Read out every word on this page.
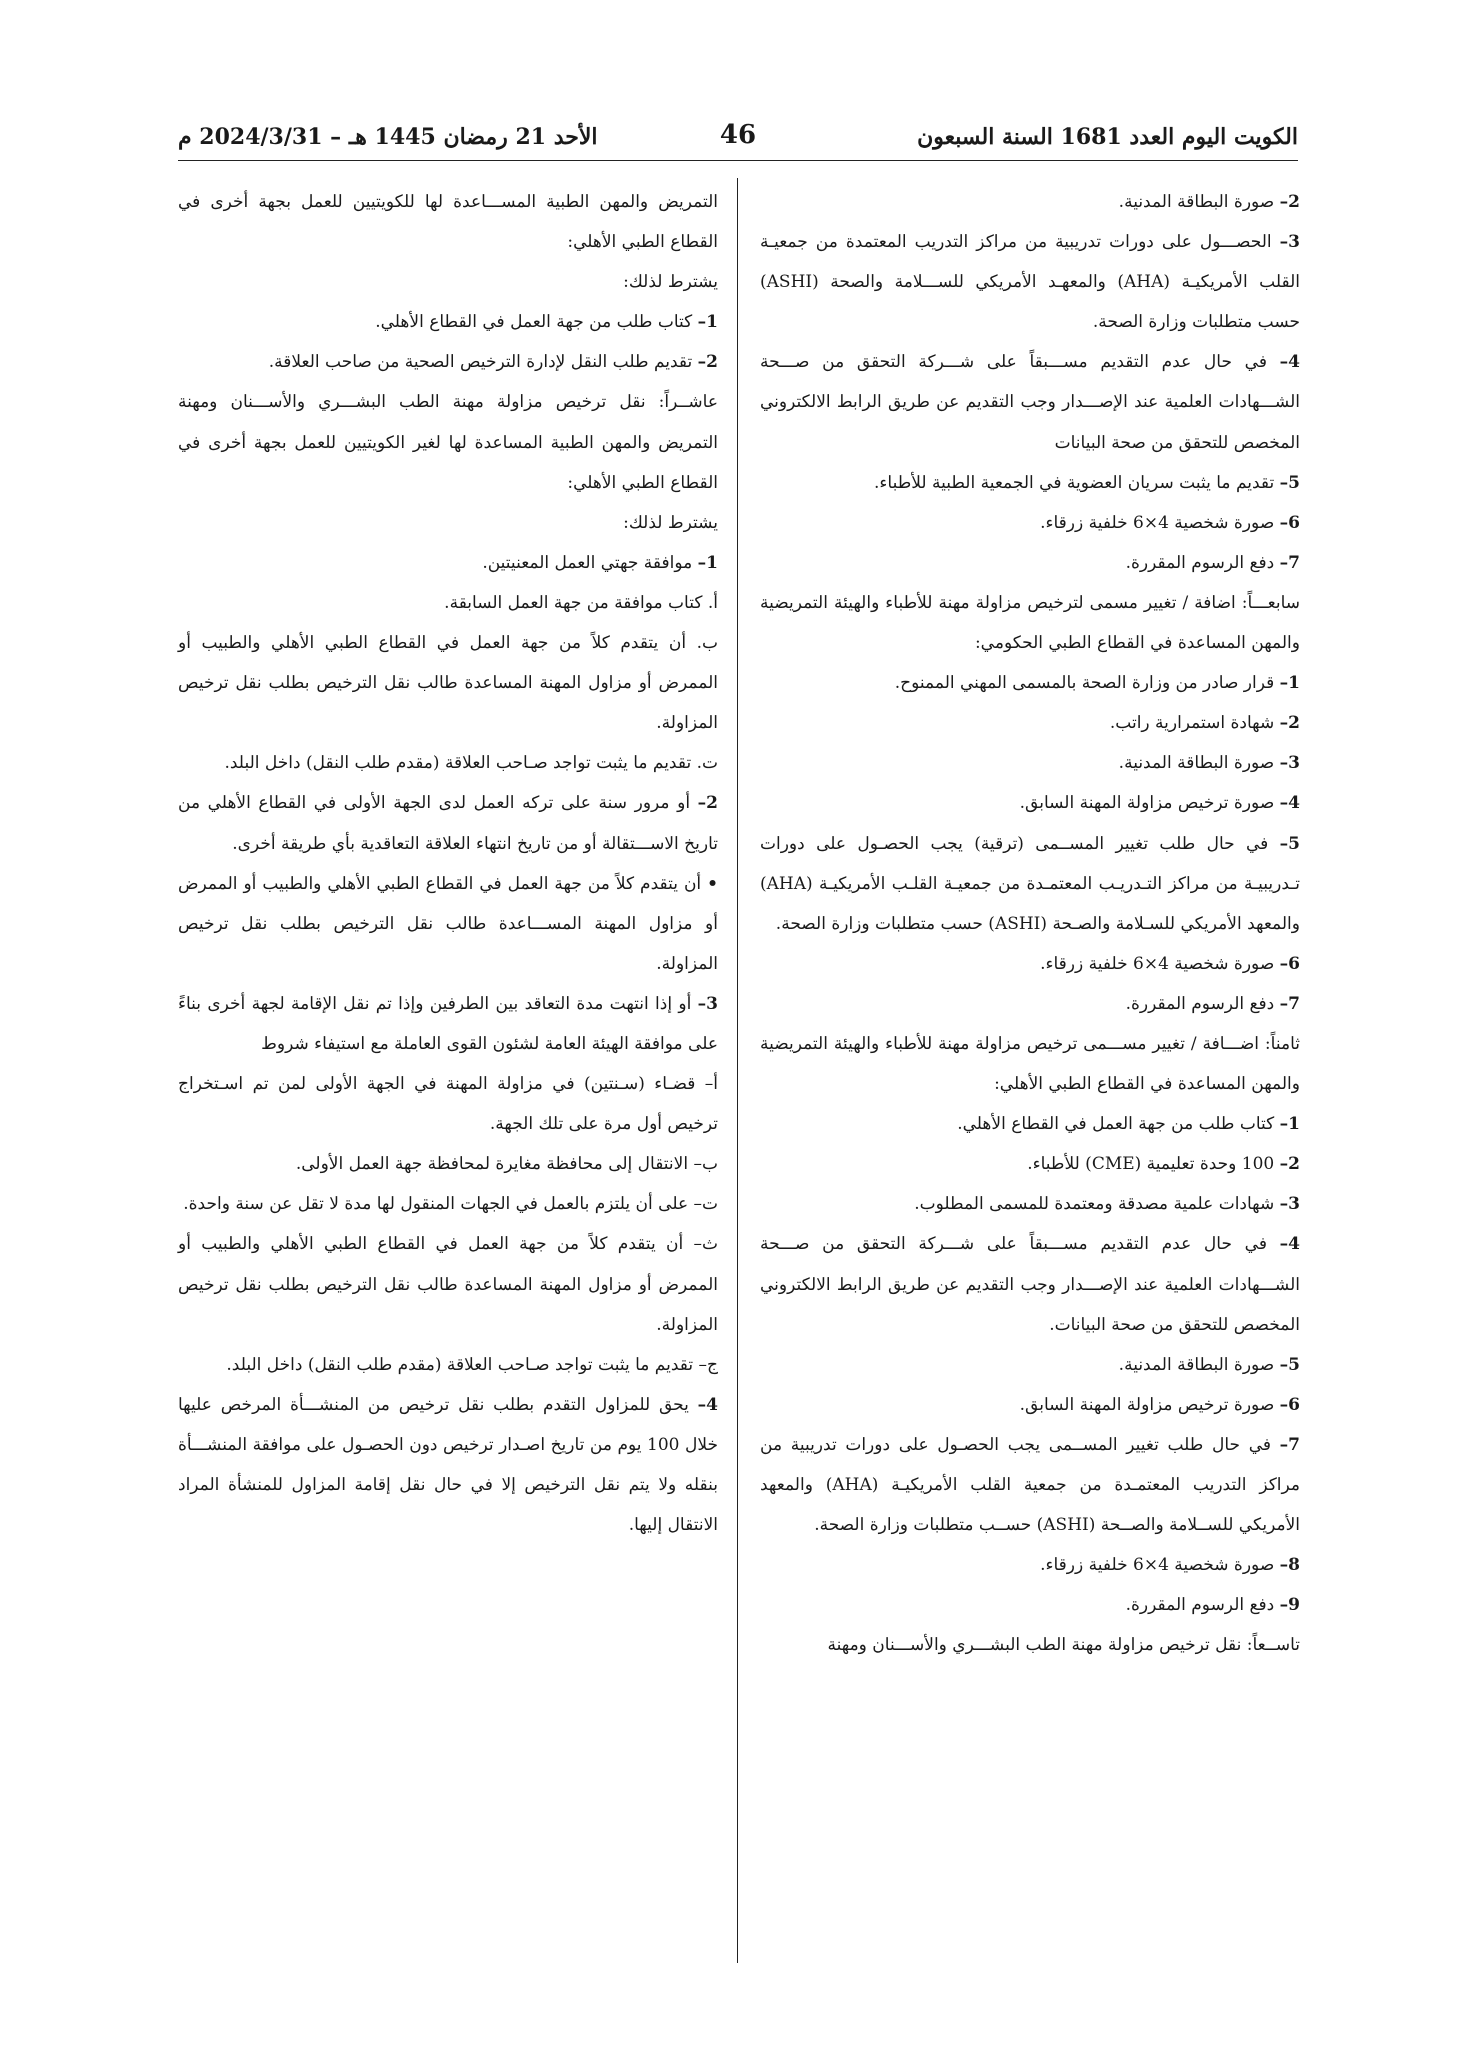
الكويت اليوم العدد 1681 السنة السبعون
46
الأحد 21 رمضان 1445 هـ – 2024/3/31 م

2– صورة البطاقة المدنية.

3– الحصـــول على دورات تدريبية من مراكز التدريب المعتمدة من جمعيـة القلب الأمريكيـة (AHA) والمعهـد الأمريكي للســـلامة والصحة (ASHI) حسب متطلبات وزارة الصحة.

4– في حال عدم التقديم مســـبقاً على شـــركة التحقق من صـــحة الشـــهادات العلمية عند الإصـــدار وجب التقديم عن طريق الرابط الالكتروني المخصص للتحقق من صحة البيانات

5– تقديم ما يثبت سريان العضوية في الجمعية الطبية للأطباء.

6– صورة شخصية 4×6 خلفية زرقاء.

7– دفع الرسوم المقررة.

سابعـــاً: اضافة / تغيير مسمى لترخيص مزاولة مهنة للأطباء والهيئة التمريضية والمهن المساعدة في القطاع الطبي الحكومي:

1– قرار صادر من وزارة الصحة بالمسمى المهني الممنوح.

2– شهادة استمرارية راتب.

3– صورة البطاقة المدنية.

4– صورة ترخيص مزاولة المهنة السابق.

5– في حال طلب تغيير المســمى (ترقية) يجب الحصـول على دورات تـدريبيـة من مراكز التـدريـب المعتمـدة من جمعيـة القلـب الأمريكيـة (AHA) والمعهد الأمريكي للسـلامة والصـحة (ASHI) حسب متطلبات وزارة الصحة.

6– صورة شخصية 4×6 خلفية زرقاء.

7– دفع الرسوم المقررة.

ثامناً: اضـــافة / تغيير مســـمى ترخيص مزاولة مهنة للأطباء والهيئة التمريضية والمهن المساعدة في القطاع الطبي الأهلي:

1– كتاب طلب من جهة العمل في القطاع الأهلي.

2– 100 وحدة تعليمية (CME) للأطباء.

3– شهادات علمية مصدقة ومعتمدة للمسمى المطلوب.

4– في حال عدم التقديم مســـبقاً على شـــركة التحقق من صـــحة الشـــهادات العلمية عند الإصـــدار وجب التقديم عن طريق الرابط الالكتروني المخصص للتحقق من صحة البيانات.

5– صورة البطاقة المدنية.

6– صورة ترخيص مزاولة المهنة السابق.

7– في حال طلب تغيير المســمى يجب الحصـول على دورات تدريبية من مراكز التدريب المعتمـدة من جمعية القلب الأمريكيـة (AHA) والمعهد الأمريكي للســلامة والصــحة (ASHI) حســب متطلبات وزارة الصحة.

8– صورة شخصية 4×6 خلفية زرقاء.

9– دفع الرسوم المقررة.

تاســعاً: نقل ترخيص مزاولة مهنة الطب البشـــري والأســـنان ومهنة

التمريض والمهن الطبية المســـاعدة لها للكويتيين للعمل بجهة أخرى في القطاع الطبي الأهلي:

يشترط لذلك:

1– كتاب طلب من جهة العمل في القطاع الأهلي.

2– تقديم طلب النقل لإدارة الترخيص الصحية من صاحب العلاقة.

عاشــراً: نقل ترخيص مزاولة مهنة الطب البشـــري والأســـنان ومهنة التمريض والمهن الطبية المساعدة لها لغير الكويتيين للعمل بجهة أخرى في القطاع الطبي الأهلي:

يشترط لذلك:

1– موافقة جهتي العمل المعنيتين.

أ. كتاب موافقة من جهة العمل السابقة.

ب. أن يتقدم كلاً من جهة العمل في القطاع الطبي الأهلي والطبيب أو الممرض أو مزاول المهنة المساعدة طالب نقل الترخيص بطلب نقل ترخيص المزاولة.

ت. تقديم ما يثبت تواجد صـاحب العلاقة (مقدم طلب النقل) داخل البلد.

2– أو مرور سنة على تركه العمل لدى الجهة الأولى في القطاع الأهلي من تاريخ الاســـتقالة أو من تاريخ انتهاء العلاقة التعاقدية بأي طريقة أخرى.

• أن يتقدم كلاً من جهة العمل في القطاع الطبي الأهلي والطبيب أو الممرض أو مزاول المهنة المســـاعدة طالب نقل الترخيص بطلب نقل ترخيص المزاولة.

3– أو إذا انتهت مدة التعاقد بين الطرفين وإذا تم نقل الإقامة لجهة أخرى بناءً على موافقة الهيئة العامة لشئون القوى العاملة مع استيفاء شروط

أ– قضـاء (سـنتين) في مزاولة المهنة في الجهة الأولى لمن تم اسـتخراج ترخيص أول مرة على تلك الجهة.

ب– الانتقال إلى محافظة مغايرة لمحافظة جهة العمل الأولى.

ت– على أن يلتزم بالعمل في الجهات المنقول لها مدة لا تقل عن سنة واحدة.

ث– أن يتقدم كلاً من جهة العمل في القطاع الطبي الأهلي والطبيب أو الممرض أو مزاول المهنة المساعدة طالب نقل الترخيص بطلب نقل ترخيص المزاولة.

ج– تقديم ما يثبت تواجد صـاحب العلاقة (مقدم طلب النقل) داخل البلد.

4– يحق للمزاول التقدم بطلب نقل ترخيص من المنشـــأة المرخص عليها خلال 100 يوم من تاريخ اصـدار ترخيص دون الحصـول على موافقة المنشـــأة بنقله ولا يتم نقل الترخيص إلا في حال نقل إقامة المزاول للمنشأة المراد الانتقال إليها.
